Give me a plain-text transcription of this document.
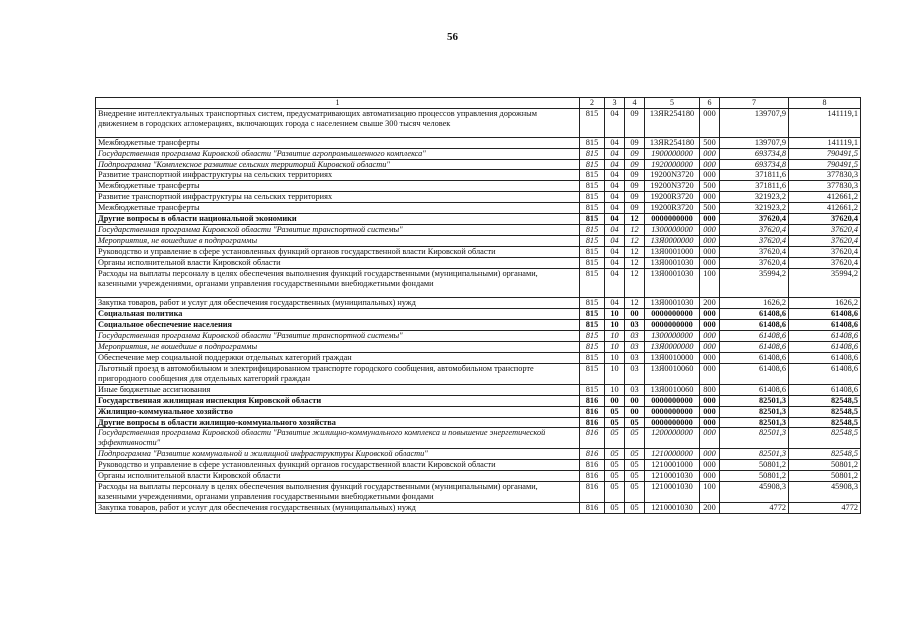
56
1	2	3	4	5	6	7	8
Внедрение интеллектуальных транспортных систем, предусматривающих автоматизацию процессов управления дорожным движением в городских агломерациях, включающих города с населением свыше 300 тысяч человек	815	04	09	13ЯR254180	000	139707,9	141119,1
Межбюджетные трансферты	815	04	09	13ЯR254180	500	139707,9	141119,1
Государственная программа Кировской области "Развитие агропромышленного комплекса"	815	04	09	1900000000	000	693734,8	790491,5
Подпрограмма "Комплексное развитие сельских территорий Кировской области"	815	04	09	1920000000	000	693734,8	790491,5
Развитие транспортной инфраструктуры на сельских территориях	815	04	09	19200N3720	000	371811,6	377830,3
Межбюджетные трансферты	815	04	09	19200N3720	500	371811,6	377830,3
Развитие транспортной инфраструктуры на сельских территориях	815	04	09	19200R3720	000	321923,2	412661,2
Межбюджетные трансферты	815	04	09	19200R3720	500	321923,2	412661,2
Другие вопросы в области национальной экономики	815	04	12	0000000000	000	37620,4	37620,4
Государственная программа Кировской области "Развитие транспортной системы"	815	04	12	1300000000	000	37620,4	37620,4
Мероприятия, не вошедшие в подпрограммы	815	04	12	13Я0000000	000	37620,4	37620,4
Руководство и управление в сфере установленных функций органов государственной власти Кировской области	815	04	12	13Я0001000	000	37620,4	37620,4
Органы исполнительной власти Кировской области	815	04	12	13Я0001030	000	37620,4	37620,4
Расходы на выплаты персоналу в целях обеспечения выполнения функций государственными (муниципальными) органами, казенными учреждениями, органами управления государственными внебюджетными фондами	815	04	12	13Я0001030	100	35994,2	35994,2
Закупка товаров, работ и услуг для обеспечения государственных (муниципальных) нужд	815	04	12	13Я0001030	200	1626,2	1626,2
Социальная политика	815	10	00	0000000000	000	61408,6	61408,6
Социальное обеспечение населения	815	10	03	0000000000	000	61408,6	61408,6
Государственная программа Кировской области "Развитие транспортной системы"	815	10	03	1300000000	000	61408,6	61408,6
Мероприятия, не вошедшие в подпрограммы	815	10	03	13Я0000000	000	61408,6	61408,6
Обеспечение мер социальной поддержки отдельных категорий граждан	815	10	03	13Я0010000	000	61408,6	61408,6
Льготный проезд в автомобильном и электрифицированном транспорте городского сообщения, автомобильном транспорте пригородного сообщения для отдельных категорий граждан	815	10	03	13Я0010060	000	61408,6	61408,6
Иные бюджетные ассигнования	815	10	03	13Я0010060	800	61408,6	61408,6
Государственная жилищная инспекция Кировской области	816	00	00	0000000000	000	82501,3	82548,5
Жилищно-коммунальное хозяйство	816	05	00	0000000000	000	82501,3	82548,5
Другие вопросы в области жилищно-коммунального хозяйства	816	05	05	0000000000	000	82501,3	82548,5
Государственная программа Кировской области "Развитие жилищно-коммунального комплекса и повышение энергетической эффективности"	816	05	05	1200000000	000	82501,3	82548,5
Подпрограмма "Развитие коммунальной и жилищной инфраструктуры Кировской области"	816	05	05	1210000000	000	82501,3	82548,5
Руководство и управление в сфере установленных функций органов государственной власти Кировской области	816	05	05	1210001000	000	50801,2	50801,2
Органы исполнительной власти Кировской области	816	05	05	1210001030	000	50801,2	50801,2
Расходы на выплаты персоналу в целях обеспечения выполнения функций государственными (муниципальными) органами, казенными учреждениями, органами управления государственными внебюджетными фондами	816	05	05	1210001030	100	45908,3	45908,3
Закупка товаров, работ и услуг для обеспечения государственных (муниципальных) нужд	816	05	05	1210001030	200	4772	4772
